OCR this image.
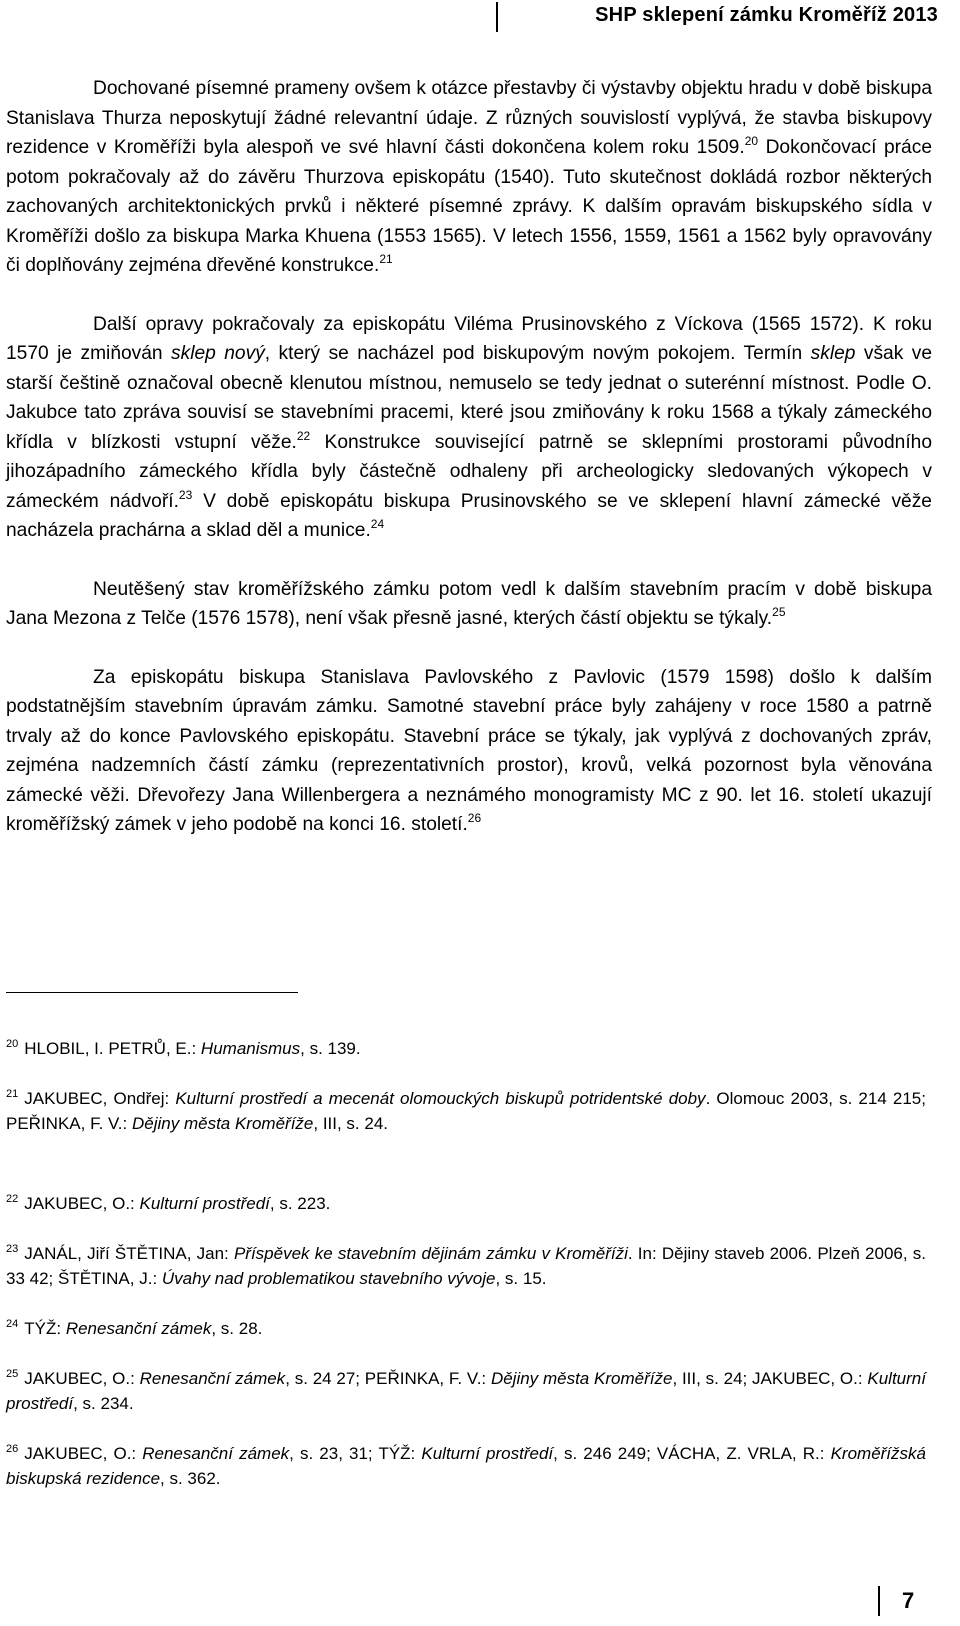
SHP sklepení zámku Kroměříž 2013

Dochované písemné prameny ovšem k otázce přestavby či výstavby objektu hradu v době biskupa Stanislava Thurza neposkytují žádné relevantní údaje. Z různých souvislostí vyplývá, že stavba biskupovy rezidence v Kroměříži byla alespoň ve své hlavní části dokončena kolem roku 1509.20 Dokončovací práce potom pokračovaly až do závěru Thurzova episkopátu (1540). Tuto skutečnost dokládá rozbor některých zachovaných architektonických prvků i některé písemné zprávy. K dalším opravám biskupského sídla v Kroměříži došlo za biskupa Marka Khuena (1553 1565). V letech 1556, 1559, 1561 a 1562 byly opravovány či doplňovány zejména dřevěné konstrukce.$^{21}$

Další opravy pokračovaly za episkopátu Viléma Prusinovského z Víckova (1565 1572). K roku 1570 je zmiňován sklep nový, který se nacházel pod biskupovým novým pokojem. Termín sklep však ve starší češtině označoval obecně klenutou místnou, nemuselo se tedy jednat o suterénní místnost. Podle O. Jakubce tato zpráva souvisí se stavebními pracemi, které jsou zmiňovány k roku 1568 a týkaly zámeckého křídla v blízkosti vstupní věže.$^{22}$ Konstrukce související patrně se sklepními prostorami původního jihozápadního zámeckého křídla byly částečně odhaleny při archeologicky sledovaných výkopech v zámeckém nádvoří.$^{23}$ V době episkopátu biskupa Prusinovského se ve sklepení hlavní zámecké věže nacházela prachárna a sklad děl a munice.$^{24}$

Neutěšený stav kroměřížského zámku potom vedl k dalším stavebním pracím v době biskupa Jana Mezona z Telče (1576 1578), není však přesně jasné, kterých částí objektu se týkaly.$^{25}$

Za episkopátu biskupa Stanislava Pavlovského z Pavlovic (1579 1598) došlo k dalším podstatnějším stavebním úpravám zámku. Samotné stavební práce byly zahájeny v roce 1580 a patrně trvaly až do konce Pavlovského episkopátu. Stavební práce se týkaly, jak vyplývá z dochovaných zpráv, zejména nadzemních částí zámku (reprezentativních prostor), krovů, velká pozornost byla věnována zámecké věži. Dřevořezy Jana Willenbergera a neznámého monogramisty MC z 90. let 16. století ukazují kroměřížský zámek v jeho podobě na konci 16. století.$^{26}$

$^{20}$ HLOBIL, I. PETRŮ, E.: Humanismus, s. 139.

$^{21}$ JAKUBEC, Ondřej: Kulturní prostředí a mecenát olomouckých biskupů potridentské doby. Olomouc 2003, s. 214 215; PEŘINKA, F. V.: Dějiny města Kroměříže, III, s. 24.

$^{22}$ JAKUBEC, O.: Kulturní prostředí, s. 223.

$^{23}$ JANÁL, Jiří ŠTĚTINA, Jan: Příspěvek ke stavebním dějinám zámku v Kroměříži. In: Dějiny staveb 2006. Plzeň 2006, s. 33 42; ŠTĚTINA, J.: Úvahy nad problematikou stavebního vývoje, s. 15.

$^{24}$ TÝŽ: Renesanční zámek, s. 28.

$^{25}$ JAKUBEC, O.: Renesanční zámek, s. 24 27; PEŘINKA, F. V.: Dějiny města Kroměříže, III, s. 24; JAKUBEC, O.: Kulturní prostředí, s. 234.

$^{26}$ JAKUBEC, O.: Renesanční zámek, s. 23, 31; TÝŽ: Kulturní prostředí, s. 246 249; VÁCHA, Z. VRLA, R.: Kroměřížská biskupská rezidence, s. 362.

7
